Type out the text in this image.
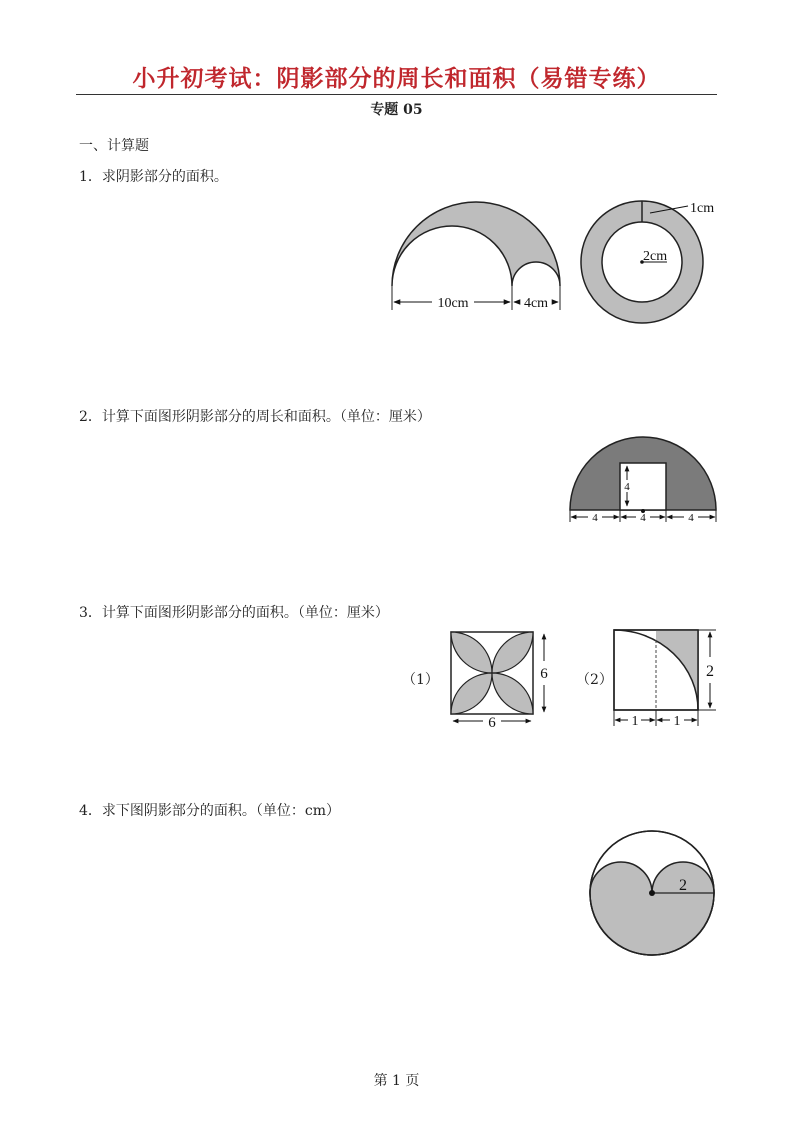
小升初考试：阴影部分的周长和面积（易错专练）
专题 05
一、计算题
1．求阴影部分的面积。
2．计算下面图形阴影部分的周长和面积。（单位：厘米）
3．计算下面图形阴影部分的面积。（单位：厘米）
4．求下图阴影部分的面积。（单位：cm）
10cm	4cm
1cm
2cm
4
4	4	4
（1）	（2）
6
6
2
1	1
2
第 1 页
